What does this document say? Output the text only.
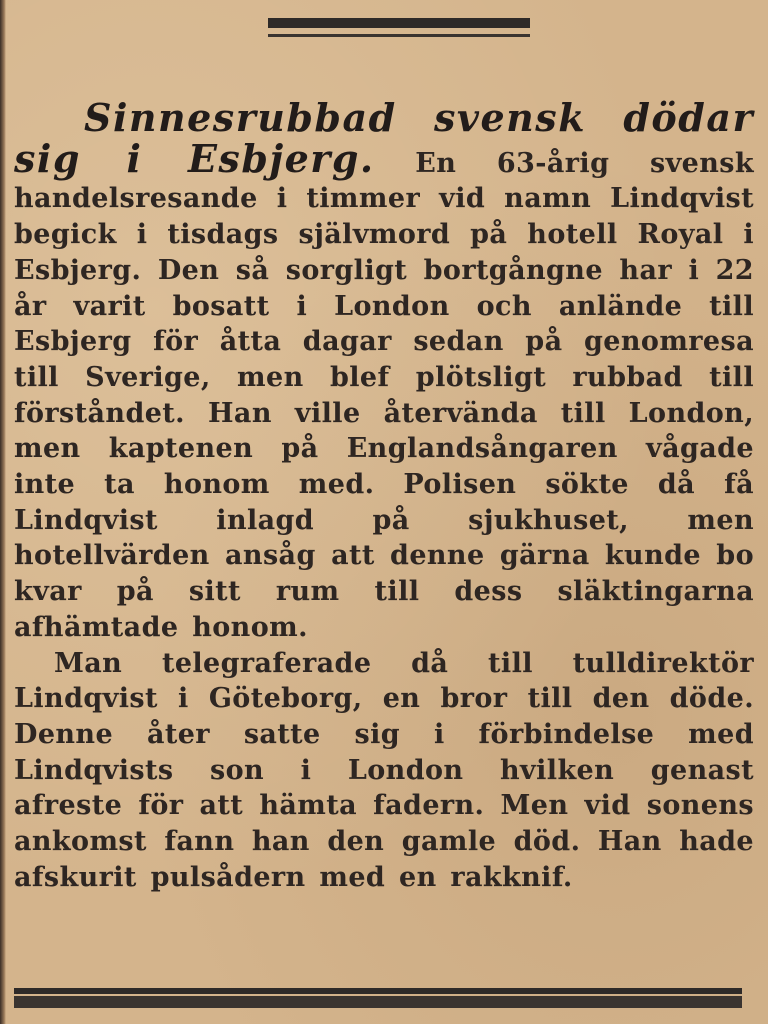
Sinnesrubbad svensk dödar sig i Esbjerg. En 63-årig svensk handelsresande i timmer vid namn Lindqvist begick i tisdags självmord på hotell Royal i Esbjerg. Den så sorgligt bortgångne har i 22 år varit bosatt i London och anlände till Esbjerg för åtta dagar sedan på genomresa till Sverige, men blef plötsligt rubbad till förståndet. Han ville återvända till London, men kaptenen på Englandsångaren vågade inte ta honom med. Polisen sökte då få Lindqvist inlagd på sjukhuset, men hotellvärden ansåg att denne gärna kunde bo kvar på sitt rum till dess släktingarna afhämtade honom.

Man telegraferade då till tulldirektör Lindqvist i Göteborg, en bror till den döde. Denne åter satte sig i förbindelse med Lindqvists son i London hvilken genast afreste för att hämta fadern. Men vid sonens ankomst fann han den gamle död. Han hade afskurit pulsådern med en rakknif.
